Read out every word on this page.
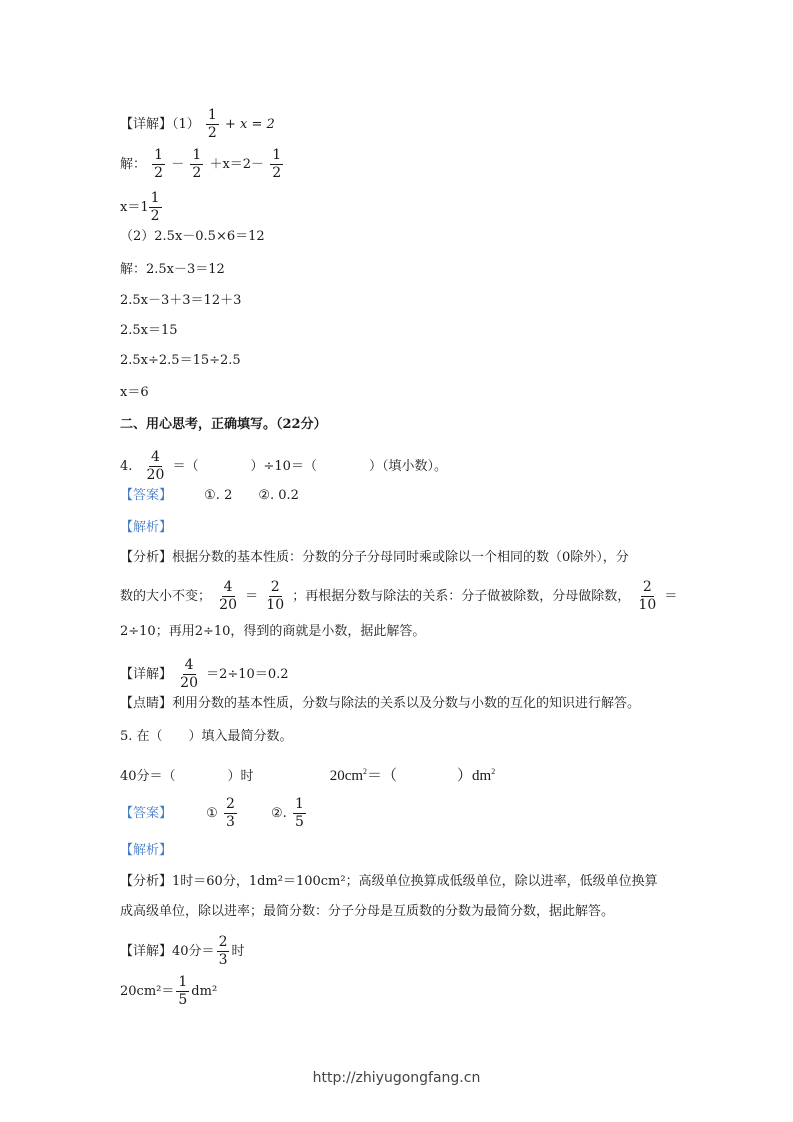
【详解】$(1) \frac{1}{2} + x = 2$
解： $\frac{1}{2} - \frac{1}{2} +x=2- \frac{1}{2}$
$x=1 \frac{1}{2}$
（2）2.5x－0.5×6＝12
解：2.5x－3＝12
2.5x－3＋3＝12＋3
2.5x＝15
2.5x÷2.5＝15÷2.5
x＝6
二、用心思考，正确填写。（22分）
4. $\frac{4}{20}$ ＝（　　　　）÷10＝（　　　　）（填小数）。
【答案】 ①. 2　　②. 0.2
【解析】
【分析】根据分数的基本性质：分数的分子分母同时乘或除以一个相同的数（0除外），分
数的大小不变； $\frac{4}{20} = \frac{2}{10}$ ；再根据分数与除法的关系：分子做被除数，分母做除数， $\frac{2}{10}$ ＝
2÷10；再用2÷10，得到的商就是小数，据此解答。
【详解】 $\frac{4}{20} =2\div 10=0.2$
【点睛】利用分数的基本性质，分数与除法的关系以及分数与小数的互化的知识进行解答。
5. 在（　　）填入最简分数。
40分＝（　　　　）时	$20cm^2=$（　　　　）$dm^2$
【答案】	① $\frac{2}{3}$	②. $\frac{1}{5}$
【解析】
【分析】1时＝60分，1dm²＝100cm²；高级单位换算成低级单位，除以进率，低级单位换算
成高级单位，除以进率；最简分数：分子分母是互质数的分数为最简分数，据此解答。
【详解】40分＝ $\frac{2}{3}$ 时
$20cm^2= \frac{1}{5} dm^2$
http://zhiyugongfang.cn
